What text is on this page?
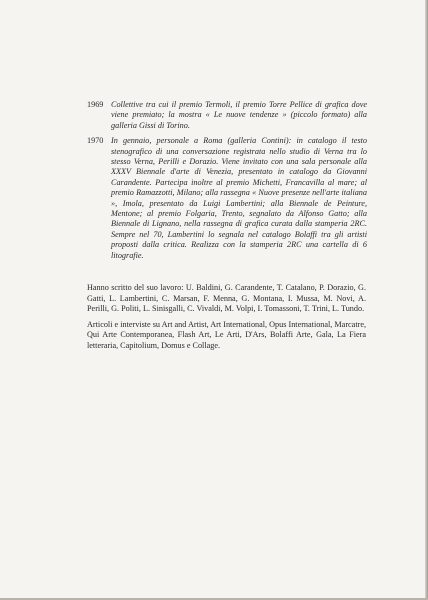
1969 Collettive tra cui il premio Termoli, il premio Torre Pellice di grafica dove viene premiato; la mostra « Le nuove tendenze » (piccolo formato) alla galleria Gissi di Torino.
1970 In gennaio, personale a Roma (galleria Contini): in catalogo il testo stenografico di una conversazione registrata nello studio di Verna tra lo stesso Verna, Perilli e Dorazio. Viene invitato con una sala personale alla XXXV Biennale d'arte di Venezia, presentato in catalogo da Giovanni Carandente. Partecipa inoltre al premio Michetti, Francavilla al mare; al premio Ramazzotti, Milano; alla rassegna « Nuove presenze nell'arte italiana », Imola, presentato da Luigi Lambertini; alla Biennale de Peinture, Mentone; al premio Folgaria, Trento, segnalato da Alfonso Gatto; alla Biennale di Lignano, nella rassegna di grafica curata dalla stamperia 2RC. Sempre nel 70, Lambertini lo segnala nel catalogo Bolaffi tra gli artisti proposti dalla critica. Realizza con la stamperia 2RC una cartella di 6 litografie.

Hanno scritto del suo lavoro: U. Baldini, G. Carandente, T. Catalano, P. Dorazio, G. Gatti, L. Lambertini, C. Marsan, F. Menna, G. Montana, I. Mussa, M. Novi, A. Perilli, G. Politi, L. Sinisgalli, C. Vivaldi, M. Volpi, I. Tomassoni, T. Trini, L. Tundo.

Articoli e interviste su Art and Artist, Art International, Opus International, Marcatre, Qui Arte Contemporanea, Flash Art, Le Arti, D'Ars, Bolaffi Arte, Gala, La Fiera letteraria, Capitolium, Domus e Collage.
